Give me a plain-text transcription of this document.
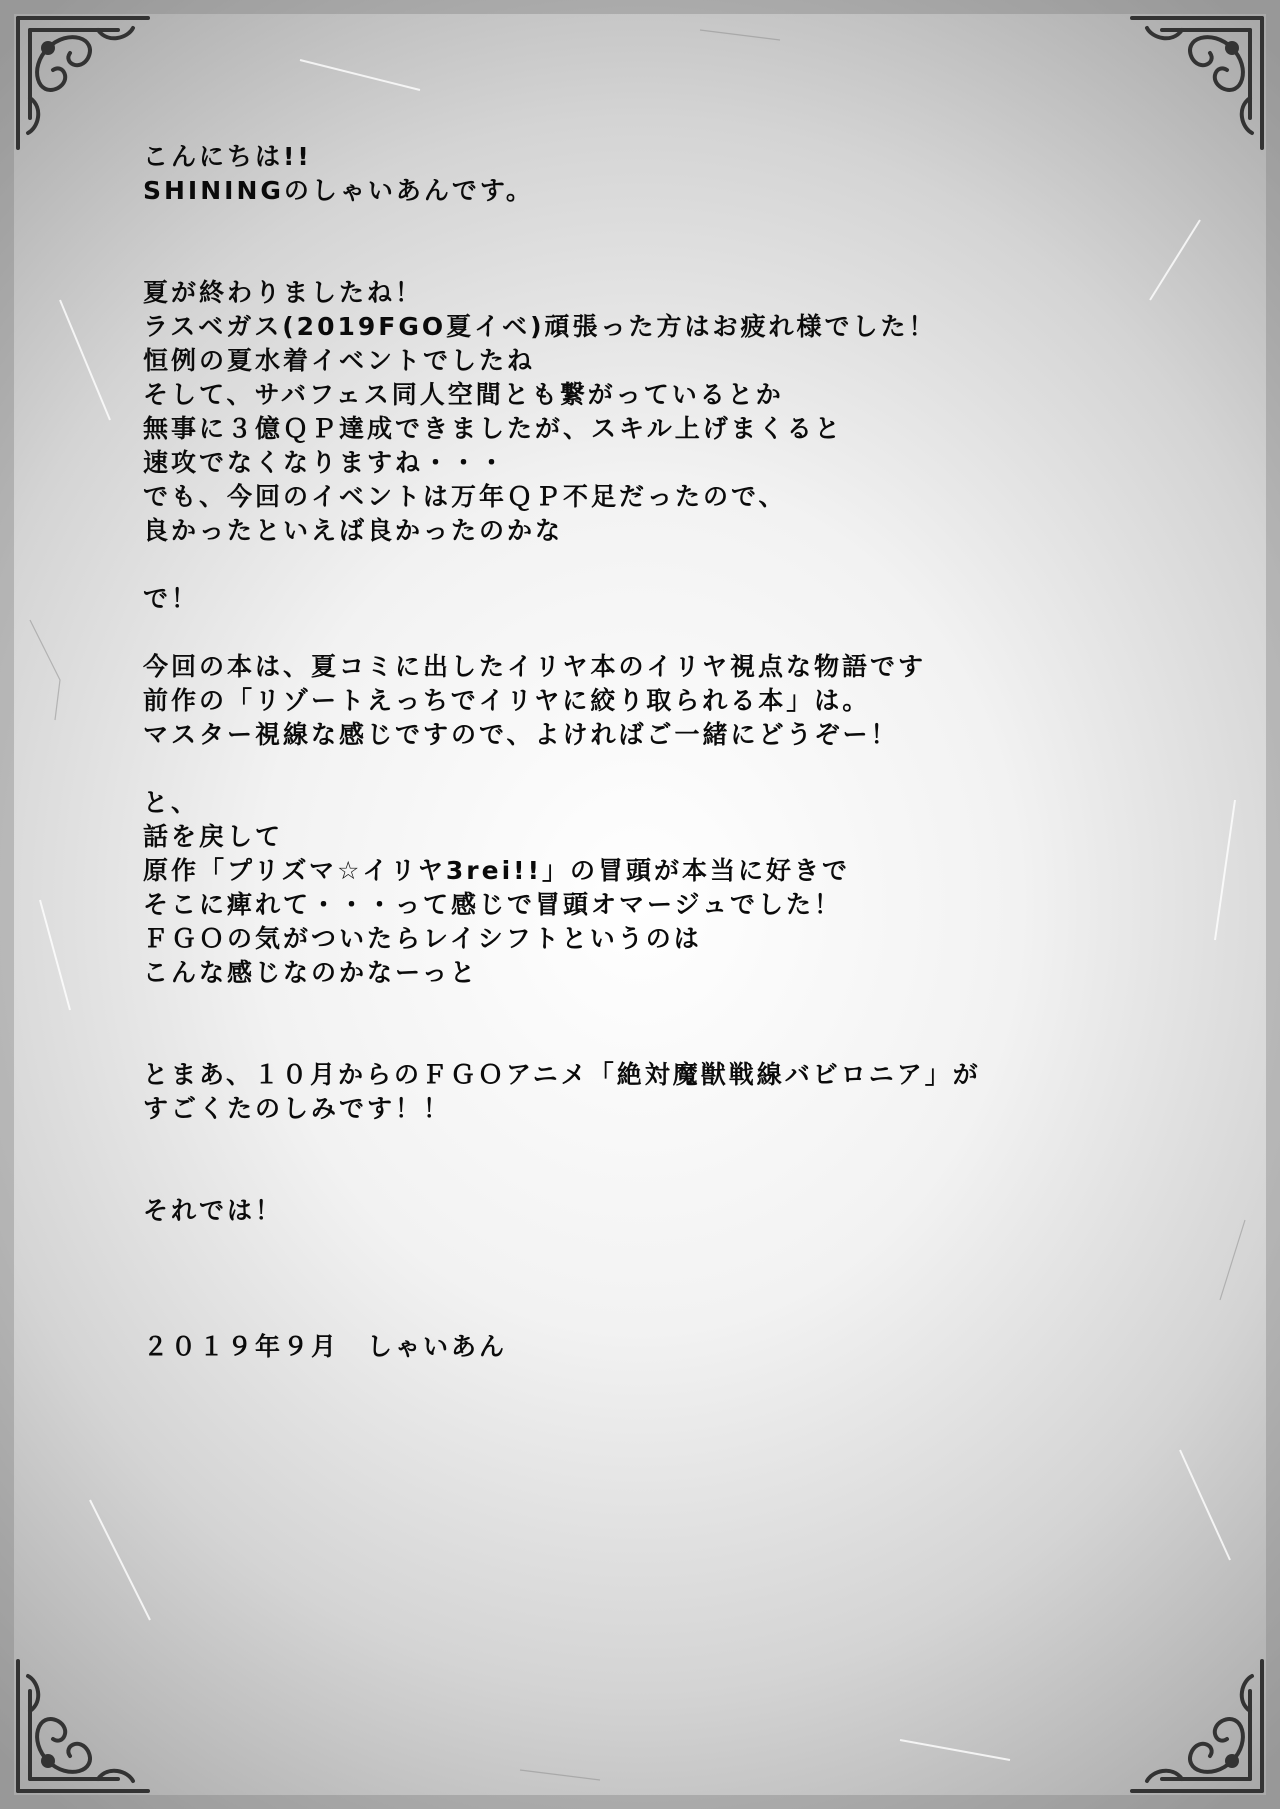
こんにちは!!
SHININGのしゃいあんです。
夏が終わりましたね！
ラスベガス(2019FGO夏イベ)頑張った方はお疲れ様でした！
恒例の夏水着イベントでしたね
そして、サバフェス同人空間とも繋がっているとか
無事に３億ＱＰ達成できましたが、スキル上げまくると
速攻でなくなりますね・・・
でも、今回のイベントは万年ＱＰ不足だったので、
良かったといえば良かったのかな
で！
今回の本は、夏コミに出したイリヤ本のイリヤ視点な物語です
前作の「リゾートえっちでイリヤに絞り取られる本」は。
マスター視線な感じですので、よければご一緒にどうぞー！
と、
話を戻して
原作「プリズマ☆イリヤ3rei!!」の冒頭が本当に好きで
そこに痺れて・・・って感じで冒頭オマージュでした！
ＦＧＯの気がついたらレイシフトというのは
こんな感じなのかなーっと
とまあ、１０月からのＦＧＯアニメ「絶対魔獣戦線バビロニア」が
すごくたのしみです！！
それでは！
２０１９年９月　しゃいあん
